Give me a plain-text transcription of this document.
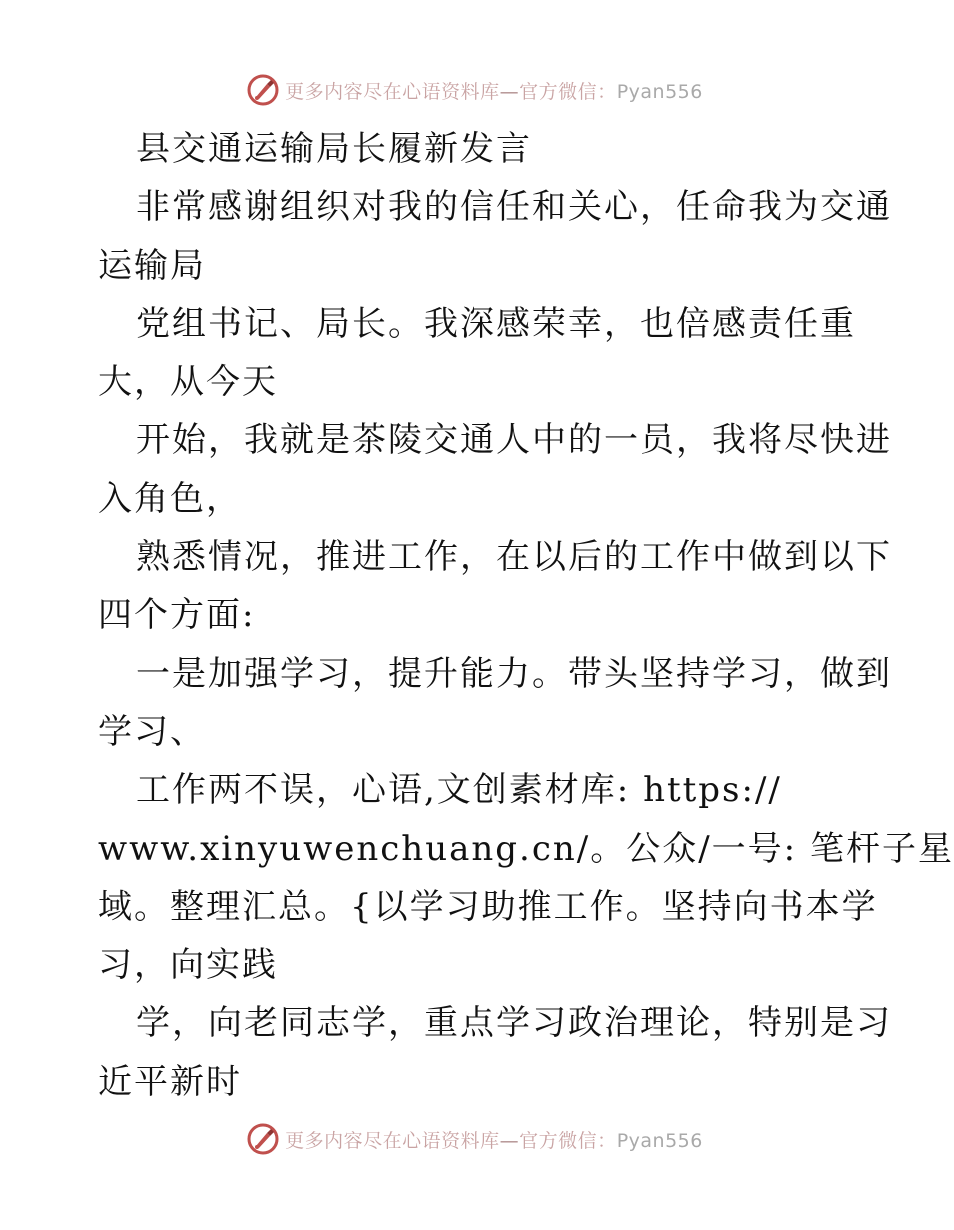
更多内容尽在心语资料库—官方微信：Pyan556
县交通运输局长履新发言
非常感谢组织对我的信任和关心，任命我为交通
运输局
党组书记、局长。我深感荣幸，也倍感责任重
大，从今天
开始，我就是茶陵交通人中的一员，我将尽快进
入角色，
熟悉情况，推进工作，在以后的工作中做到以下
四个方面:
一是加强学习，提升能力。带头坚持学习，做到
学习、
工作两不误，心语,文创素材库: https://
www.xinyuwenchuang.cn/。公众/一号: 笔杆子星
域。整理汇总。{以学习助推工作。坚持向书本学
习，向实践
学，向老同志学，重点学习政治理论，特别是习
近平新时
更多内容尽在心语资料库—官方微信：Pyan556
